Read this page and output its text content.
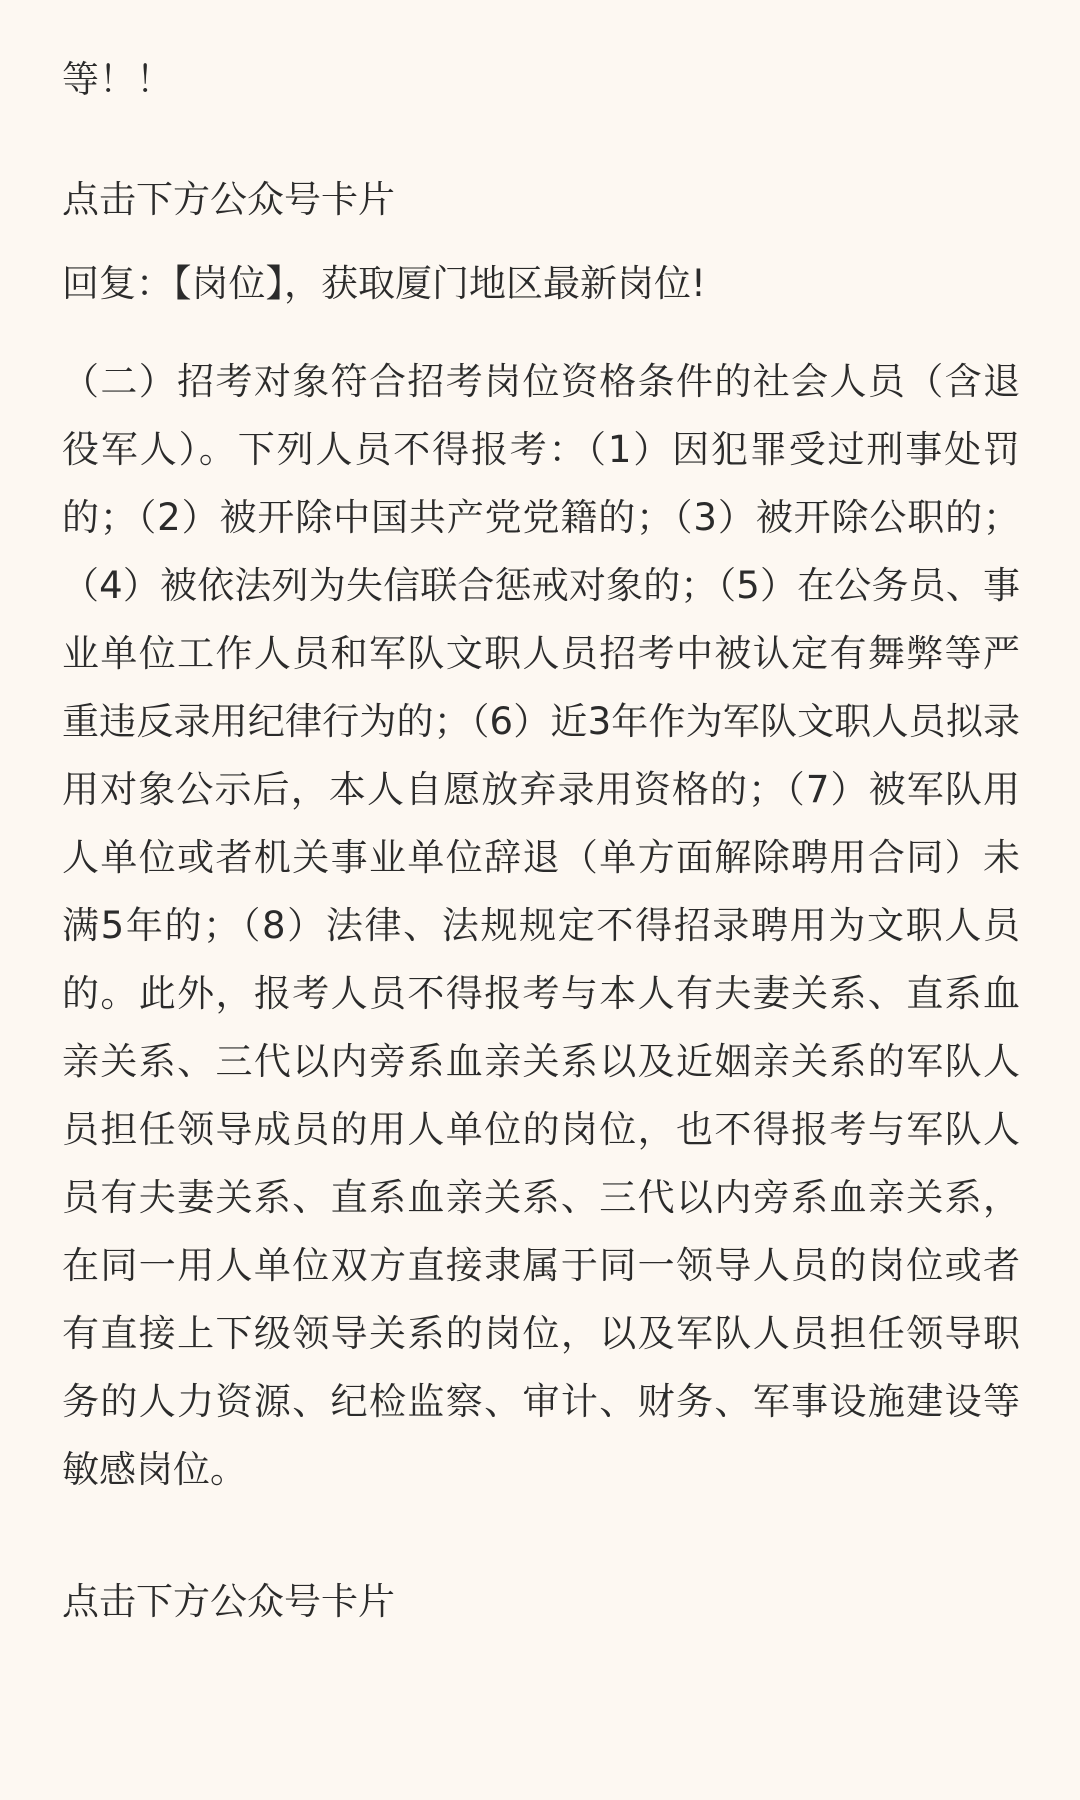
等！！

点击下方公众号卡片

回复：【岗位】，获取厦门地区最新岗位!

（二）招考对象符合招考岗位资格条件的社会人员（含退役军人）。下列人员不得报考：（1）因犯罪受过刑事处罚的；（2）被开除中国共产党党籍的；（3）被开除公职的；（4）被依法列为失信联合惩戒对象的；（5）在公务员、事业单位工作人员和军队文职人员招考中被认定有舞弊等严重违反录用纪律行为的；（6）近3年作为军队文职人员拟录用对象公示后，本人自愿放弃录用资格的；（7）被军队用人单位或者机关事业单位辞退（单方面解除聘用合同）未满5年的；（8）法律、法规规定不得招录聘用为文职人员的。此外，报考人员不得报考与本人有夫妻关系、直系血亲关系、三代以内旁系血亲关系以及近姻亲关系的军队人员担任领导成员的用人单位的岗位，也不得报考与军队人员有夫妻关系、直系血亲关系、三代以内旁系血亲关系，在同一用人单位双方直接隶属于同一领导人员的岗位或者有直接上下级领导关系的岗位，以及军队人员担任领导职务的人力资源、纪检监察、审计、财务、军事设施建设等敏感岗位。

点击下方公众号卡片
